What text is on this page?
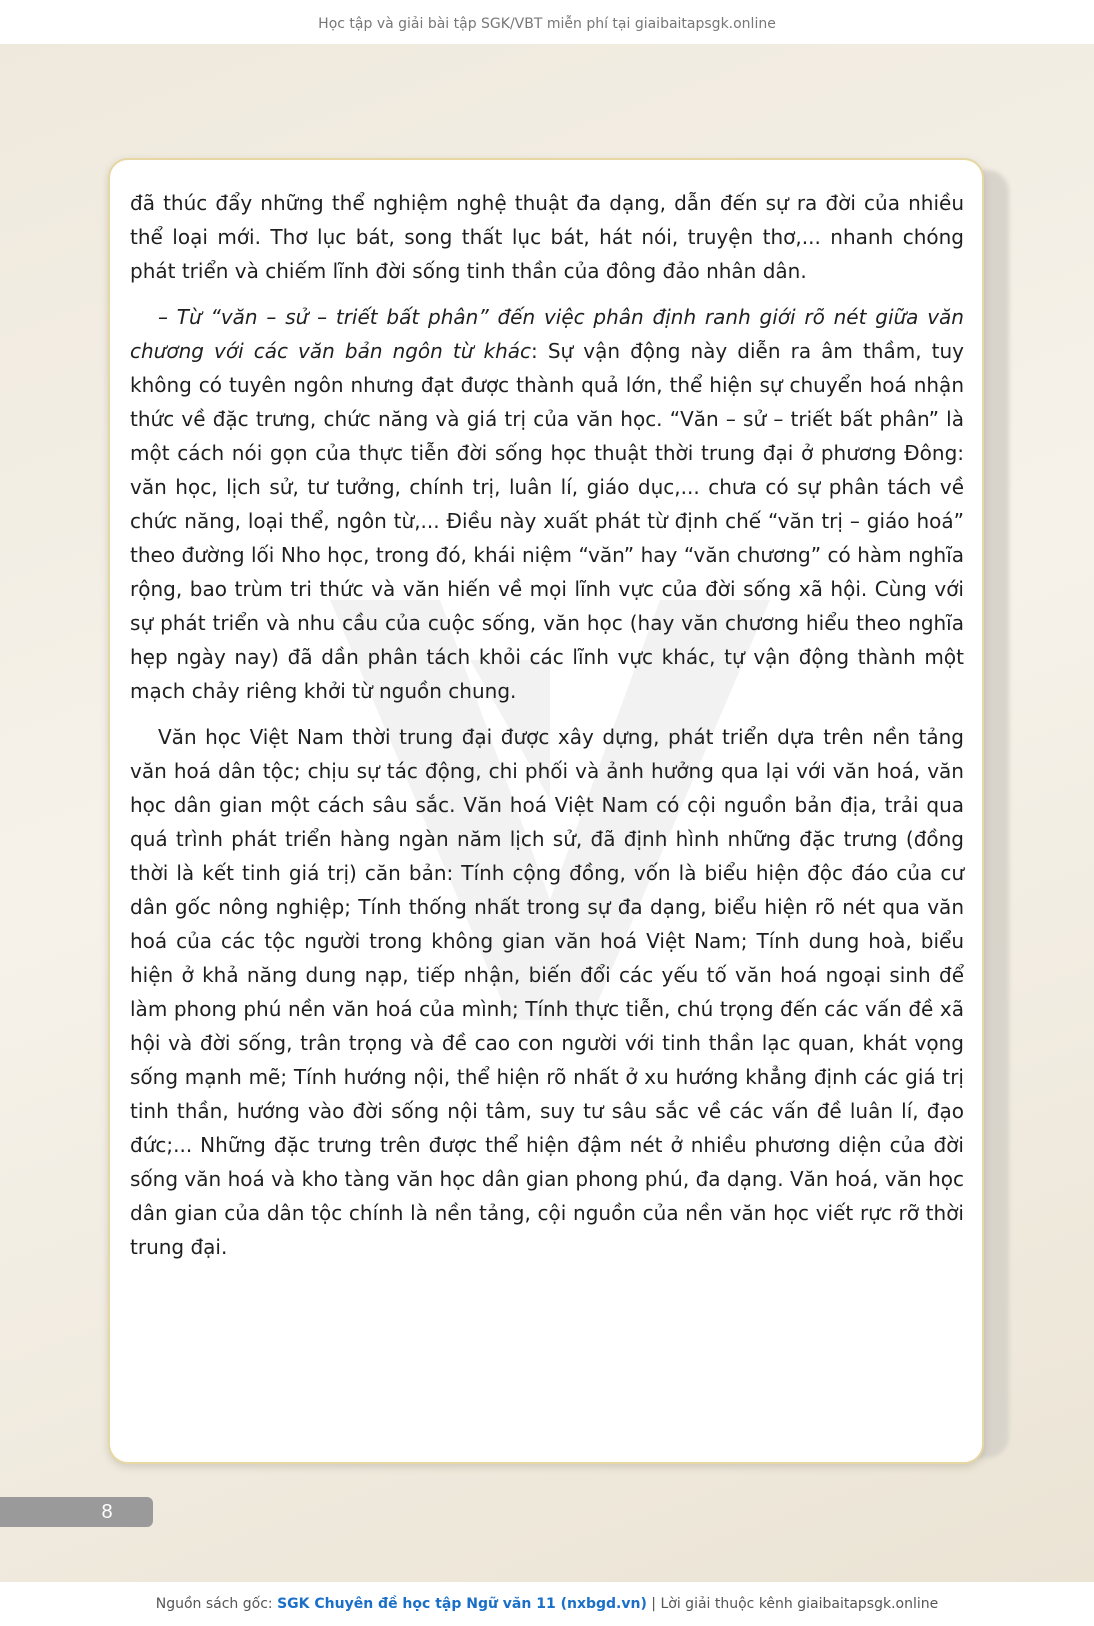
Học tập và giải bài tập SGK/VBT miễn phí tại giaibaitapsgk.online

đã thúc đẩy những thể nghiệm nghệ thuật đa dạng, dẫn đến sự ra đời của nhiều thể loại mới. Thơ lục bát, song thất lục bát, hát nói, truyện thơ,... nhanh chóng phát triển và chiếm lĩnh đời sống tinh thần của đông đảo nhân dân.

– Từ “văn – sử – triết bất phân” đến việc phân định ranh giới rõ nét giữa văn chương với các văn bản ngôn từ khác: Sự vận động này diễn ra âm thầm, tuy không có tuyên ngôn nhưng đạt được thành quả lớn, thể hiện sự chuyển hoá nhận thức về đặc trưng, chức năng và giá trị của văn học. “Văn – sử – triết bất phân” là một cách nói gọn của thực tiễn đời sống học thuật thời trung đại ở phương Đông: văn học, lịch sử, tư tưởng, chính trị, luân lí, giáo dục,... chưa có sự phân tách về chức năng, loại thể, ngôn từ,... Điều này xuất phát từ định chế “văn trị – giáo hoá” theo đường lối Nho học, trong đó, khái niệm “văn” hay “văn chương” có hàm nghĩa rộng, bao trùm tri thức và văn hiến về mọi lĩnh vực của đời sống xã hội. Cùng với sự phát triển và nhu cầu của cuộc sống, văn học (hay văn chương hiểu theo nghĩa hẹp ngày nay) đã dần phân tách khỏi các lĩnh vực khác, tự vận động thành một mạch chảy riêng khởi từ nguồn chung.

Văn học Việt Nam thời trung đại được xây dựng, phát triển dựa trên nền tảng văn hoá dân tộc; chịu sự tác động, chi phối và ảnh hưởng qua lại với văn hoá, văn học dân gian một cách sâu sắc. Văn hoá Việt Nam có cội nguồn bản địa, trải qua quá trình phát triển hàng ngàn năm lịch sử, đã định hình những đặc trưng (đồng thời là kết tinh giá trị) căn bản: Tính cộng đồng, vốn là biểu hiện độc đáo của cư dân gốc nông nghiệp; Tính thống nhất trong sự đa dạng, biểu hiện rõ nét qua văn hoá của các tộc người trong không gian văn hoá Việt Nam; Tính dung hoà, biểu hiện ở khả năng dung nạp, tiếp nhận, biến đổi các yếu tố văn hoá ngoại sinh để làm phong phú nền văn hoá của mình; Tính thực tiễn, chú trọng đến các vấn đề xã hội và đời sống, trân trọng và đề cao con người với tinh thần lạc quan, khát vọng sống mạnh mẽ; Tính hướng nội, thể hiện rõ nhất ở xu hướng khẳng định các giá trị tinh thần, hướng vào đời sống nội tâm, suy tư sâu sắc về các vấn đề luân lí, đạo đức;... Những đặc trưng trên được thể hiện đậm nét ở nhiều phương diện của đời sống văn hoá và kho tàng văn học dân gian phong phú, đa dạng. Văn hoá, văn học dân gian của dân tộc chính là nền tảng, cội nguồn của nền văn học viết rực rỡ thời trung đại.

8
Nguồn sách gốc: SGK Chuyên đề học tập Ngữ văn 11 (nxbgd.vn) | Lời giải thuộc kênh giaibaitapsgk.online
